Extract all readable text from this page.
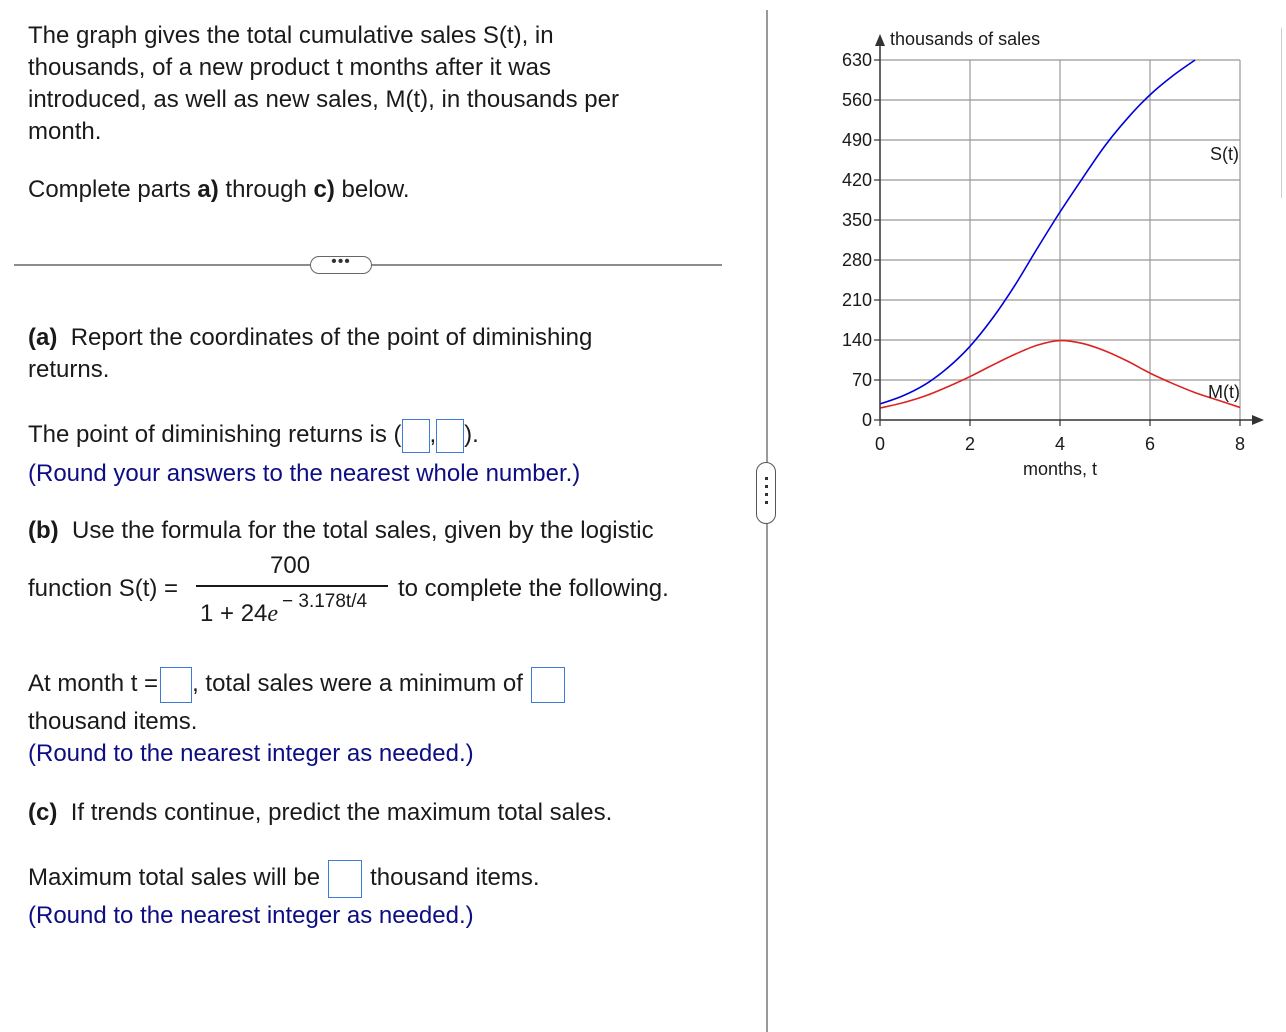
The graph gives the total cumulative sales S(t), in
thousands, of a new product t months after it was
introduced, as well as new sales, M(t), in thousands per
month.
Complete parts a) through c) below.
•••
(a) Report the coordinates of the point of diminishing
returns.
The point of diminishing returns is ( , ).
(Round your answers to the nearest whole number.)
(b) Use the formula for the total sales, given by the logistic
function S(t) =
700
1 + 24e − 3.178t/4 to complete the following.
At month t = , total sales were a minimum of
thousand items.
(Round to the nearest integer as needed.)
(c) If trends continue, predict the maximum total sales.
Maximum total sales will be thousand items.
(Round to the nearest integer as needed.)
0
70
140
210
280
350
420
490
560
630
0	2	4	6	8
S(t)
M(t)
thousands of sales
months, t
